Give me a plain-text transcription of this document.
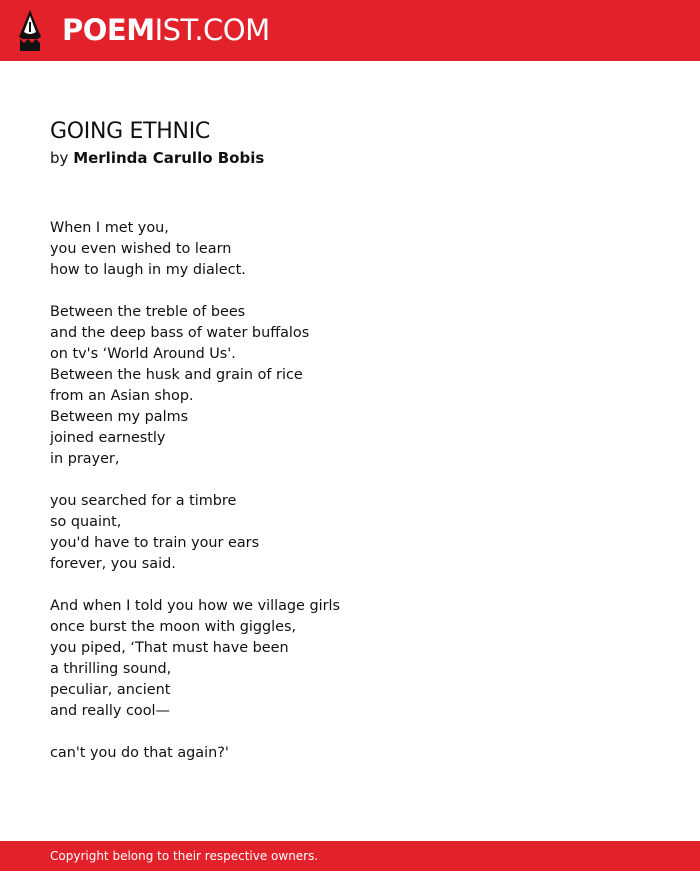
POEMIST.COM
GOING ETHNIC
by Merlinda Carullo Bobis
When I met you,
you even wished to learn
how to laugh in my dialect.
Between the treble of bees
and the deep bass of water buffalos
on tv's ‘World Around Us'.
Between the husk and grain of rice
from an Asian shop.
Between my palms
joined earnestly
in prayer,
you searched for a timbre
so quaint,
you'd have to train your ears
forever, you said.
And when I told you how we village girls
once burst the moon with giggles,
you piped, ‘That must have been
a thrilling sound,
peculiar, ancient
and really cool—
can't you do that again?'
Copyright belong to their respective owners.
